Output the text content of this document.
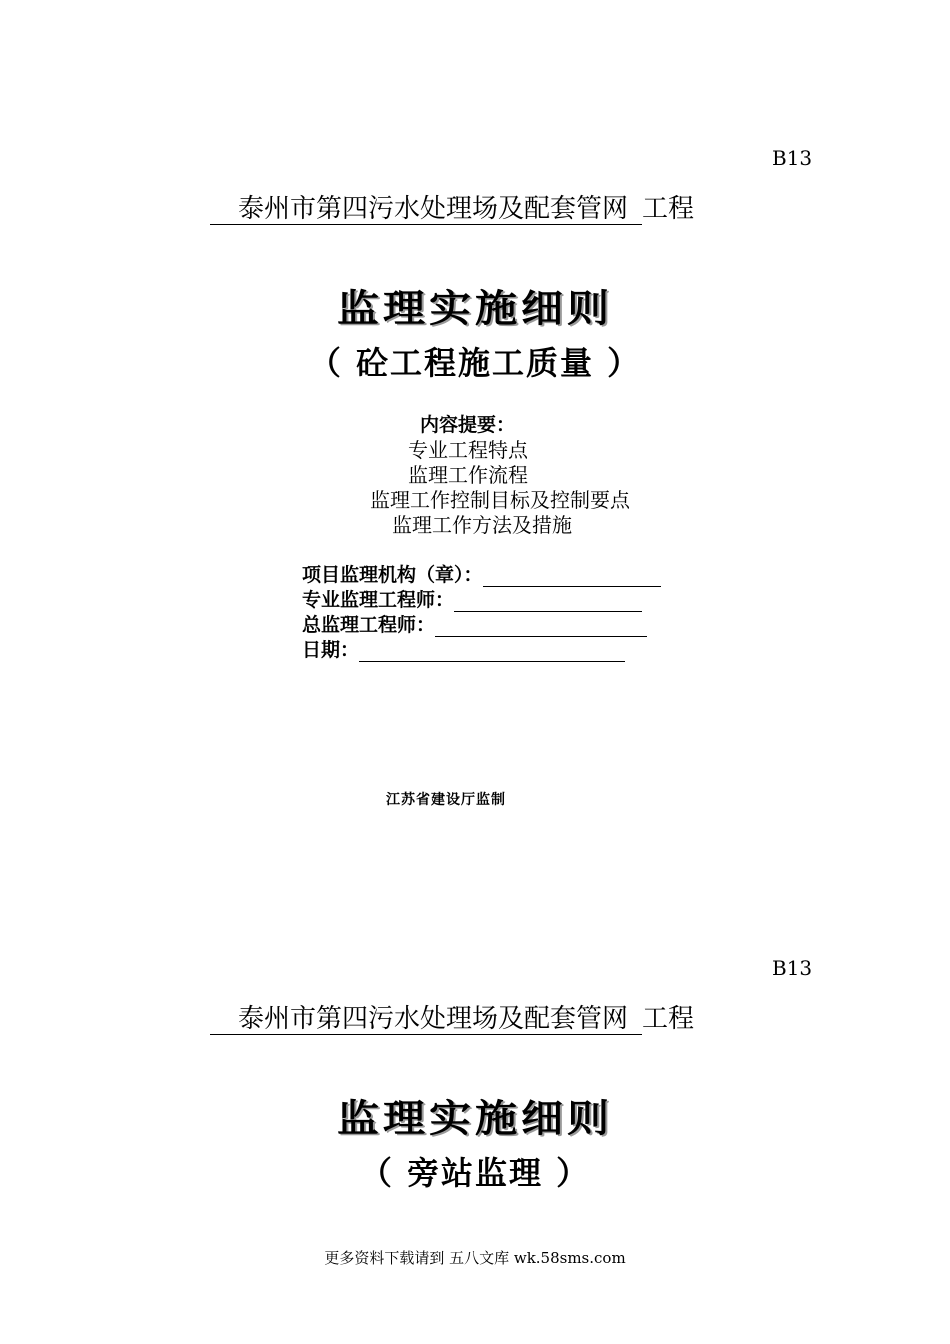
B13
泰州市第四污水处理场及配套管网 工程
监理实施细则
（ 砼工程施工质量 ）
内容提要：
专业工程特点
监理工作流程
监理工作控制目标及控制要点
监理工作方法及措施
项目监理机构（章）：
专业监理工程师：
总监理工程师：
日期：
江苏省建设厅监制
B13
泰州市第四污水处理场及配套管网 工程
监理实施细则
（ 旁站监理 ）
更多资料下载请到 五八文库 wk.58sms.com
